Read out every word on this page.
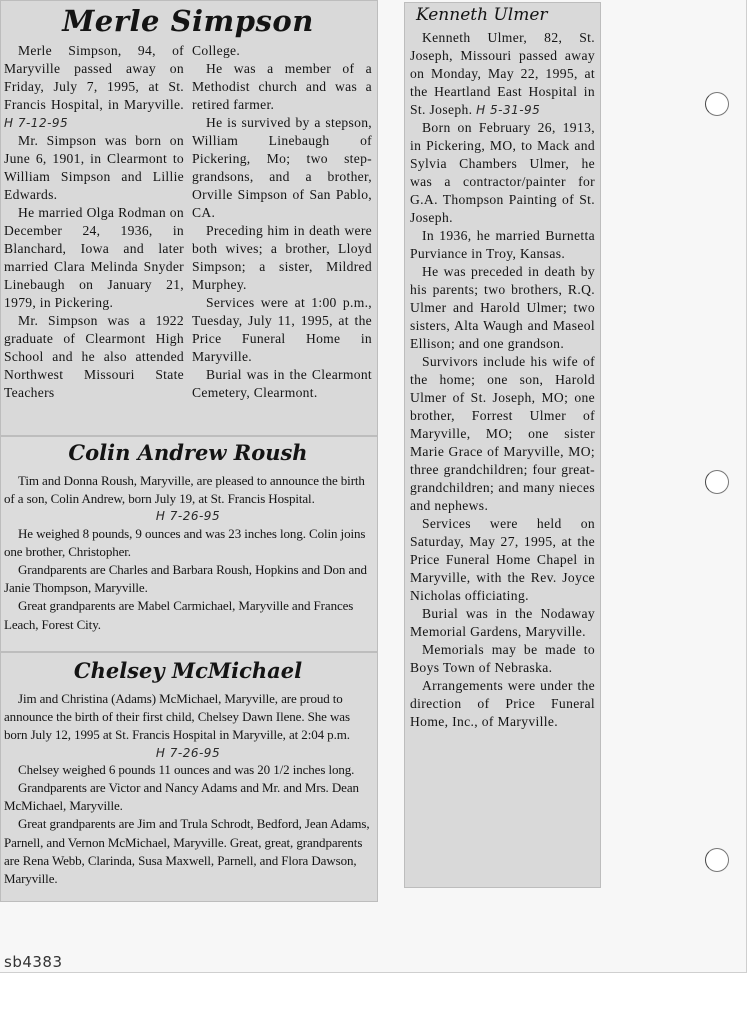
Merle Simpson

Merle Simpson, 94, of Maryville passed away on Friday, July 7, 1995, at St. Francis Hospital, in Maryville. H 7-12-95

Mr. Simpson was born on June 6, 1901, in Clearmont to William Simpson and Lillie Edwards.

He married Olga Rodman on December 24, 1936, in Blanchard, Iowa and later married Clara Melinda Snyder Linebaugh on January 21, 1979, in Pickering.

Mr. Simpson was a 1922 graduate of Clearmont High School and he also attended Northwest Missouri State Teachers

College.

He was a member of a Methodist church and was a retired farmer.

He is survived by a stepson, William Linebaugh of Pickering, Mo; two step-grandsons, and a brother, Orville Simpson of San Pablo, CA.

Preceding him in death were both wives; a brother, Lloyd Simpson; a sister, Mildred Murphey.

Services were at 1:00 p.m., Tuesday, July 11, 1995, at the Price Funeral Home in Maryville.

Burial was in the Clearmont Cemetery, Clearmont.

Colin Andrew Roush

Tim and Donna Roush, Maryville, are pleased to announce the birth of a son, Colin Andrew, born July 19, at St. Francis Hospital.

H 7-26-95

He weighed 8 pounds, 9 ounces and was 23 inches long. Colin joins one brother, Christopher.

Grandparents are Charles and Barbara Roush, Hopkins and Don and Janie Thompson, Maryville.

Great grandparents are Mabel Carmichael, Maryville and Frances Leach, Forest City.

Chelsey McMichael

Jim and Christina (Adams) McMichael, Maryville, are proud to announce the birth of their first child, Chelsey Dawn Ilene. She was born July 12, 1995 at St. Francis Hospital in Maryville, at 2:04 p.m.

H 7-26-95

Chelsey weighed 6 pounds 11 ounces and was 20 1/2 inches long.

Grandparents are Victor and Nancy Adams and Mr. and Mrs. Dean McMichael, Maryville.

Great grandparents are Jim and Trula Schrodt, Bedford, Jean Adams, Parnell, and Vernon McMichael, Maryville. Great, great, grandparents are Rena Webb, Clarinda, Susa Maxwell, Parnell, and Flora Dawson, Maryville.

Kenneth Ulmer

Kenneth Ulmer, 82, St. Joseph, Missouri passed away on Monday, May 22, 1995, at the Heartland East Hospital in St. Joseph. H 5-31-95

Born on February 26, 1913, in Pickering, MO, to Mack and Sylvia Chambers Ulmer, he was a contractor/painter for G.A. Thompson Painting of St. Joseph.

In 1936, he married Burnetta Purviance in Troy, Kansas.

He was preceded in death by his parents; two brothers, R.Q. Ulmer and Harold Ulmer; two sisters, Alta Waugh and Maseol Ellison; and one grandson.

Survivors include his wife of the home; one son, Harold Ulmer of St. Joseph, MO; one brother, Forrest Ulmer of Maryville, MO; one sister Marie Grace of Maryville, MO; three grandchildren; four great-grandchildren; and many nieces and nephews.

Services were held on Saturday, May 27, 1995, at the Price Funeral Home Chapel in Maryville, with the Rev. Joyce Nicholas officiating.

Burial was in the Nodaway Memorial Gardens, Maryville.

Memorials may be made to Boys Town of Nebraska.

Arrangements were under the direction of Price Funeral Home, Inc., of Maryville.

sb4383
